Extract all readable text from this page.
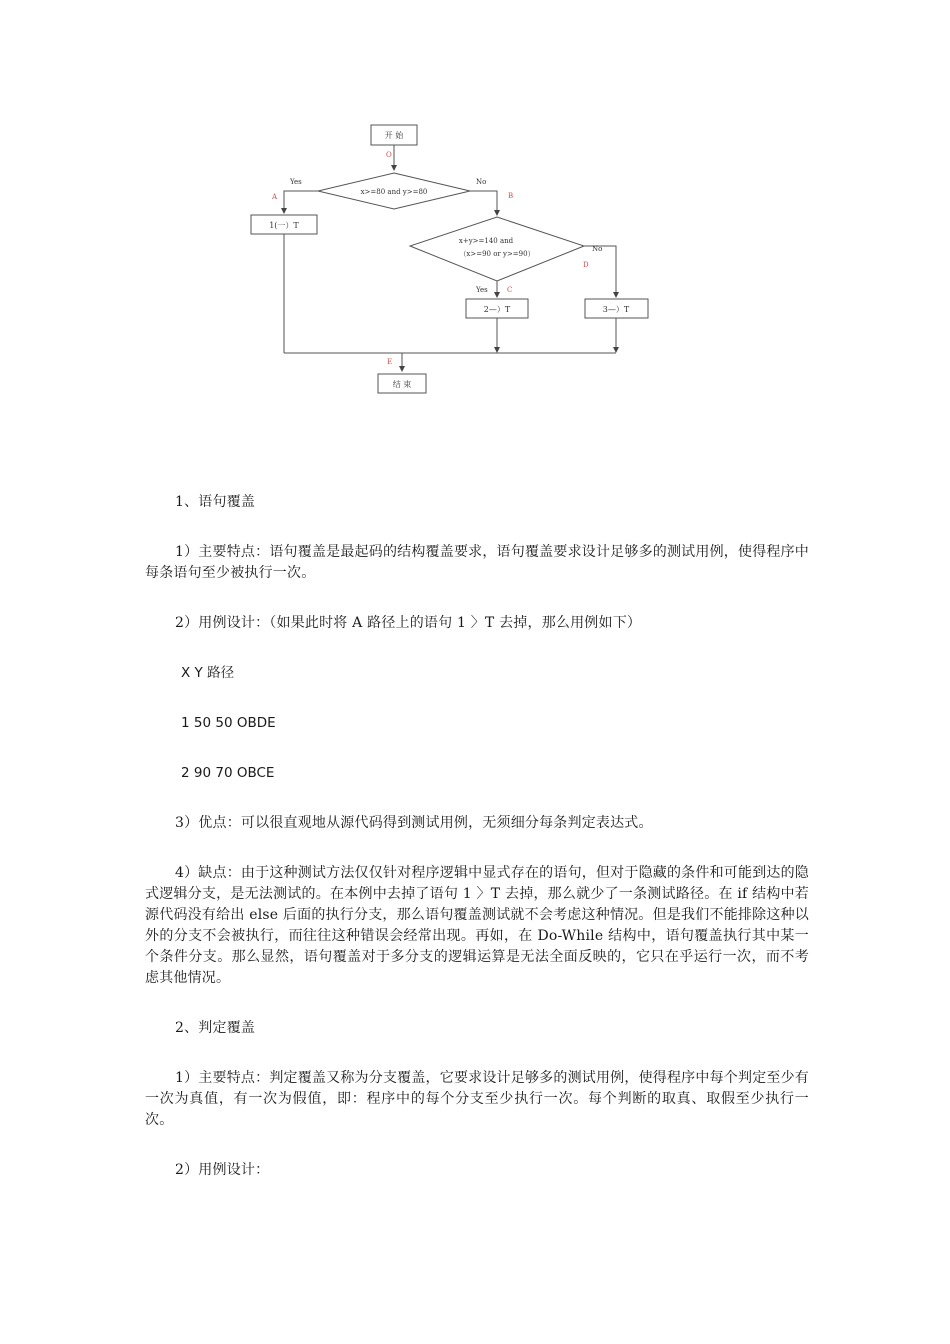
开 始
O
Yes	No
A	B
x>=80 and y>=80
1(一）T
x+y>=140 and
（x>=90 or y>=90）
No
D
Yes	C
2—）T	3—）T
E
结 束

1、语句覆盖

1）主要特点：语句覆盖是最起码的结构覆盖要求，语句覆盖要求设计足够多的测试用例，使得程序中每条语句至少被执行一次。

2）用例设计：（如果此时将 A 路径上的语句 1 〉T 去掉，那么用例如下）

X Y 路径

1 50 50 OBDE

2 90 70 OBCE

3）优点：可以很直观地从源代码得到测试用例，无须细分每条判定表达式。

4）缺点：由于这种测试方法仅仅针对程序逻辑中显式存在的语句，但对于隐藏的条件和可能到达的隐式逻辑分支，是无法测试的。在本例中去掉了语句 1 〉T 去掉，那么就少了一条测试路径。在 if 结构中若源代码没有给出 else 后面的执行分支，那么语句覆盖测试就不会考虑这种情况。但是我们不能排除这种以外的分支不会被执行，而往往这种错误会经常出现。再如，在 Do-While 结构中，语句覆盖执行其中某一个条件分支。那么显然，语句覆盖对于多分支的逻辑运算是无法全面反映的，它只在乎运行一次，而不考虑其他情况。

2、判定覆盖

1）主要特点：判定覆盖又称为分支覆盖，它要求设计足够多的测试用例，使得程序中每个判定至少有一次为真值，有一次为假值，即：程序中的每个分支至少执行一次。每个判断的取真、取假至少执行一次。

2）用例设计：
